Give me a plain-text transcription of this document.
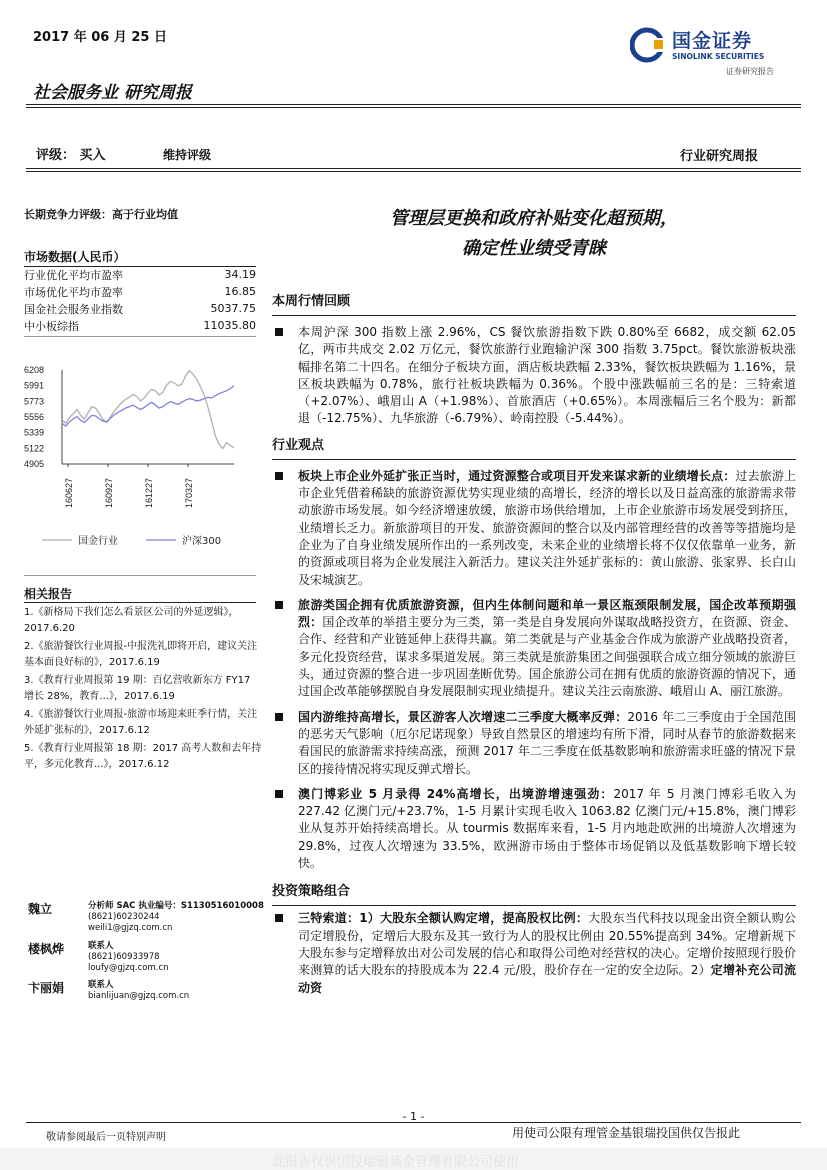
2017 年 06 月 25 日	国金证券
SINOLINK SECURITIES
证券研究报告
社会服务业 研究周报
评级： 买入	维持评级	行业研究周报
长期竞争力评级：高于行业均值
市场数据(人民币）
行业优化平均市盈率	34.19
市场优化平均市盈率	16.85
国金社会服务业指数	5037.75
中小板综指	11035.80
6208
5991
5773
5556
5339
5122
4905
160627	160927	161227	170327
国金行业	沪深300
相关报告
1.《新格局下我们怎么看景区公司的外延逻辑》，2017.6.20
2.《旅游餐饮行业周报-中报洗礼即将开启，建议关注基本面良好标的》，2017.6.19
3.《教育行业周报第 19 期：百亿营收新东方 FY17 增长 28%，教育...》，2017.6.19
4.《旅游餐饮行业周报-旅游市场迎来旺季行情，关注外延扩张标的》，2017.6.12
5.《教育行业周报第 18 期：2017 高考人数和去年持平，多元化教育...》，2017.6.12
魏立	分析师 SAC 执业编号：S1130516010008
(8621)60230244
weili1@gjzq.com.cn
楼枫烨	联系人
(8621)60933978
loufy@gjzq.com.cn
卞丽娟	联系人
bianlijuan@gjzq.com.cn
管理层更换和政府补贴变化超预期，
确定性业绩受青睐
本周行情回顾
本周沪深 300 指数上涨 2.96%，CS 餐饮旅游指数下跌 0.80%至 6682，成交额 62.05 亿，两市共成交 2.02 万亿元，餐饮旅游行业跑输沪深 300 指数 3.75pct。餐饮旅游板块涨幅排名第二十四名。在细分子板块方面，酒店板块跌幅 2.33%，餐饮板块跌幅为 1.16%，景区板块跌幅为 0.78%，旅行社板块跌幅为 0.36%。个股中涨跌幅前三名的是：三特索道（+2.07%）、峨眉山 A（+1.98%）、首旅酒店（+0.65%）。本周涨幅后三名个股为：新都退（-12.75%）、九华旅游（-6.79%）、岭南控股（-5.44%）。
行业观点
板块上市企业外延扩张正当时，通过资源整合或项目开发来谋求新的业绩增长点：过去旅游上市企业凭借着稀缺的旅游资源优势实现业绩的高增长，经济的增长以及日益高涨的旅游需求带动旅游市场发展。如今经济增速放缓，旅游市场供给增加，上市企业旅游市场发展受到挤压，业绩增长乏力。新旅游项目的开发、旅游资源间的整合以及内部管理经营的改善等等措施均是企业为了自身业绩发展所作出的一系列改变，未来企业的业绩增长将不仅仅依靠单一业务，新的资源或项目将为企业发展注入新活力。建议关注外延扩张标的：黄山旅游、张家界、长白山及宋城演艺。
旅游类国企拥有优质旅游资源，但内生体制问题和单一景区瓶颈限制发展，国企改革预期强烈：国企改革的举措主要分为三类，第一类是自身发展向外谋取战略投资方，在资源、资金、合作、经营和产业链延伸上获得共赢。第二类就是与产业基金合作成为旅游产业战略投资者，多元化投资经营，谋求多渠道发展。第三类就是旅游集团之间强强联合成立细分领域的旅游巨头，通过资源的整合进一步巩固垄断优势。国企旅游公司在拥有优质的旅游资源的情况下，通过国企改革能够摆脱自身发展限制实现业绩提升。建议关注云南旅游、峨眉山 A、丽江旅游。
国内游维持高增长，景区游客人次增速二三季度大概率反弹：2016 年二三季度由于全国范围的恶劣天气影响（厄尔尼诺现象）导致自然景区的增速均有所下滑，同时从春节的旅游数据来看国民的旅游需求持续高涨，预测 2017 年二三季度在低基数影响和旅游需求旺盛的情况下景区的接待情况将实现反弹式增长。
澳门博彩业 5 月录得 24%高增长，出境游增速强劲：2017 年 5 月澳门博彩毛收入为 227.42 亿澳门元/+23.7%，1-5 月累计实现毛收入 1063.82 亿澳门元/+15.8%，澳门博彩业从复苏开始持续高增长。从 tourmis 数据库来看，1-5 月内地赴欧洲的出境游人次增速为 29.8%，过夜人次增速为 33.5%，欧洲游市场由于整体市场促销以及低基数影响下增长较快。
投资策略组合
三特索道：1）大股东全额认购定增，提高股权比例：大股东当代科技以现金出资全额认购公司定增股份，定增后大股东及其一致行为人的股权比例由 20.55%提高到 34%。定增新规下大股东参与定增释放出对公司发展的信心和取得公司绝对经营权的决心。定增价按照现行股价来测算的话大股东的持股成本为 22.4 元/股，股价存在一定的安全边际。2）定增补充公司流动资
- 1 -
敬请参阅最后一页特别声明	用使司公限有理管金基银瑞投国供仅告报此
此报告仅供国投瑞银基金管理有限公司使用
